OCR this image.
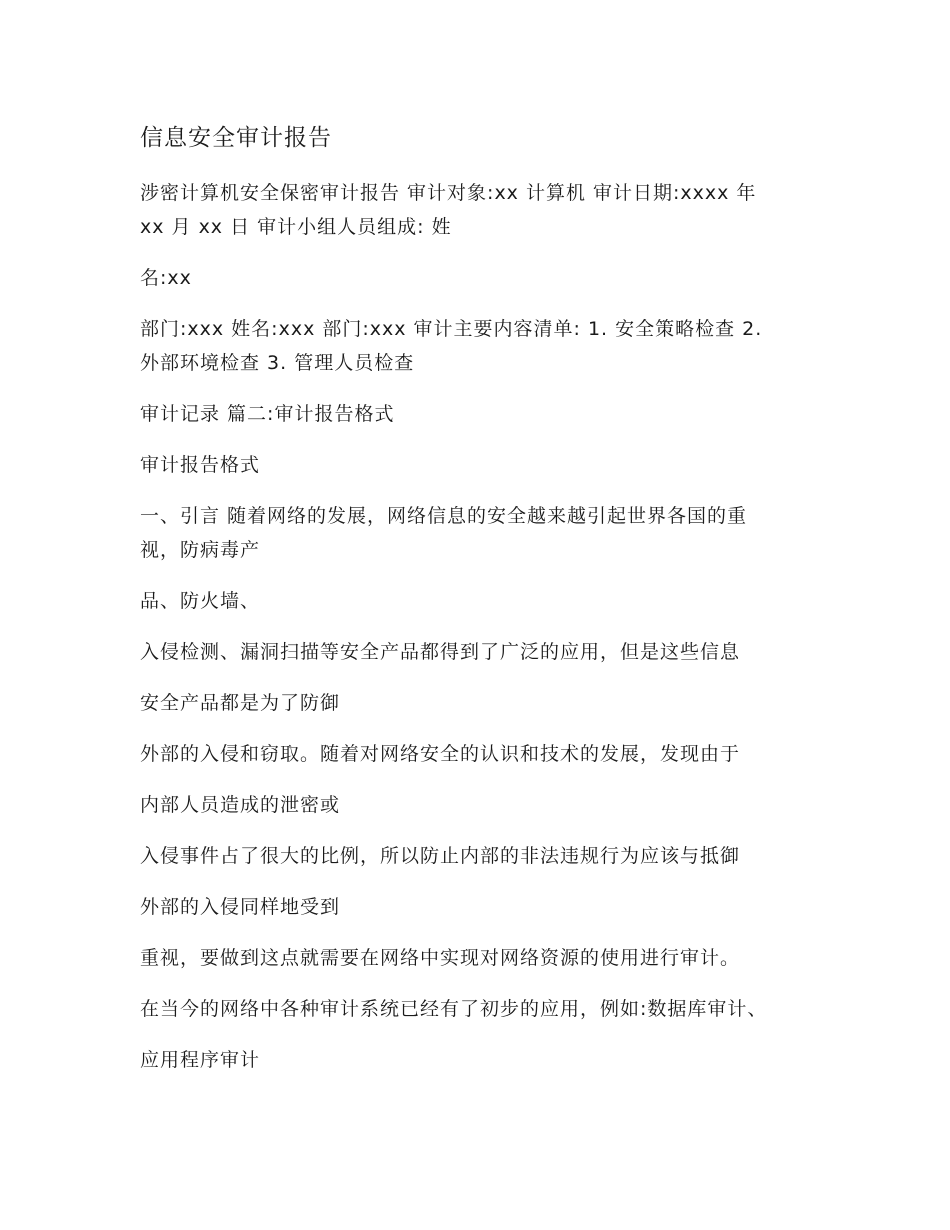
信息安全审计报告

涉密计算机安全保密审计报告 审计对象:xx 计算机 审计日期:xxxx 年
xx 月 xx 日 审计小组人员组成: 姓

名:xx

部门:xxx 姓名:xxx 部门:xxx 审计主要内容清单: 1. 安全策略检查 2.
外部环境检查 3. 管理人员检查

审计记录 篇二:审计报告格式

审计报告格式

一、引言 随着网络的发展，网络信息的安全越来越引起世界各国的重
视，防病毒产

品、防火墙、

入侵检测、漏洞扫描等安全产品都得到了广泛的应用，但是这些信息

安全产品都是为了防御

外部的入侵和窃取。随着对网络安全的认识和技术的发展，发现由于

内部人员造成的泄密或

入侵事件占了很大的比例，所以防止内部的非法违规行为应该与抵御

外部的入侵同样地受到

重视，要做到这点就需要在网络中实现对网络资源的使用进行审计。

在当今的网络中各种审计系统已经有了初步的应用，例如:数据库审计、

应用程序审计
